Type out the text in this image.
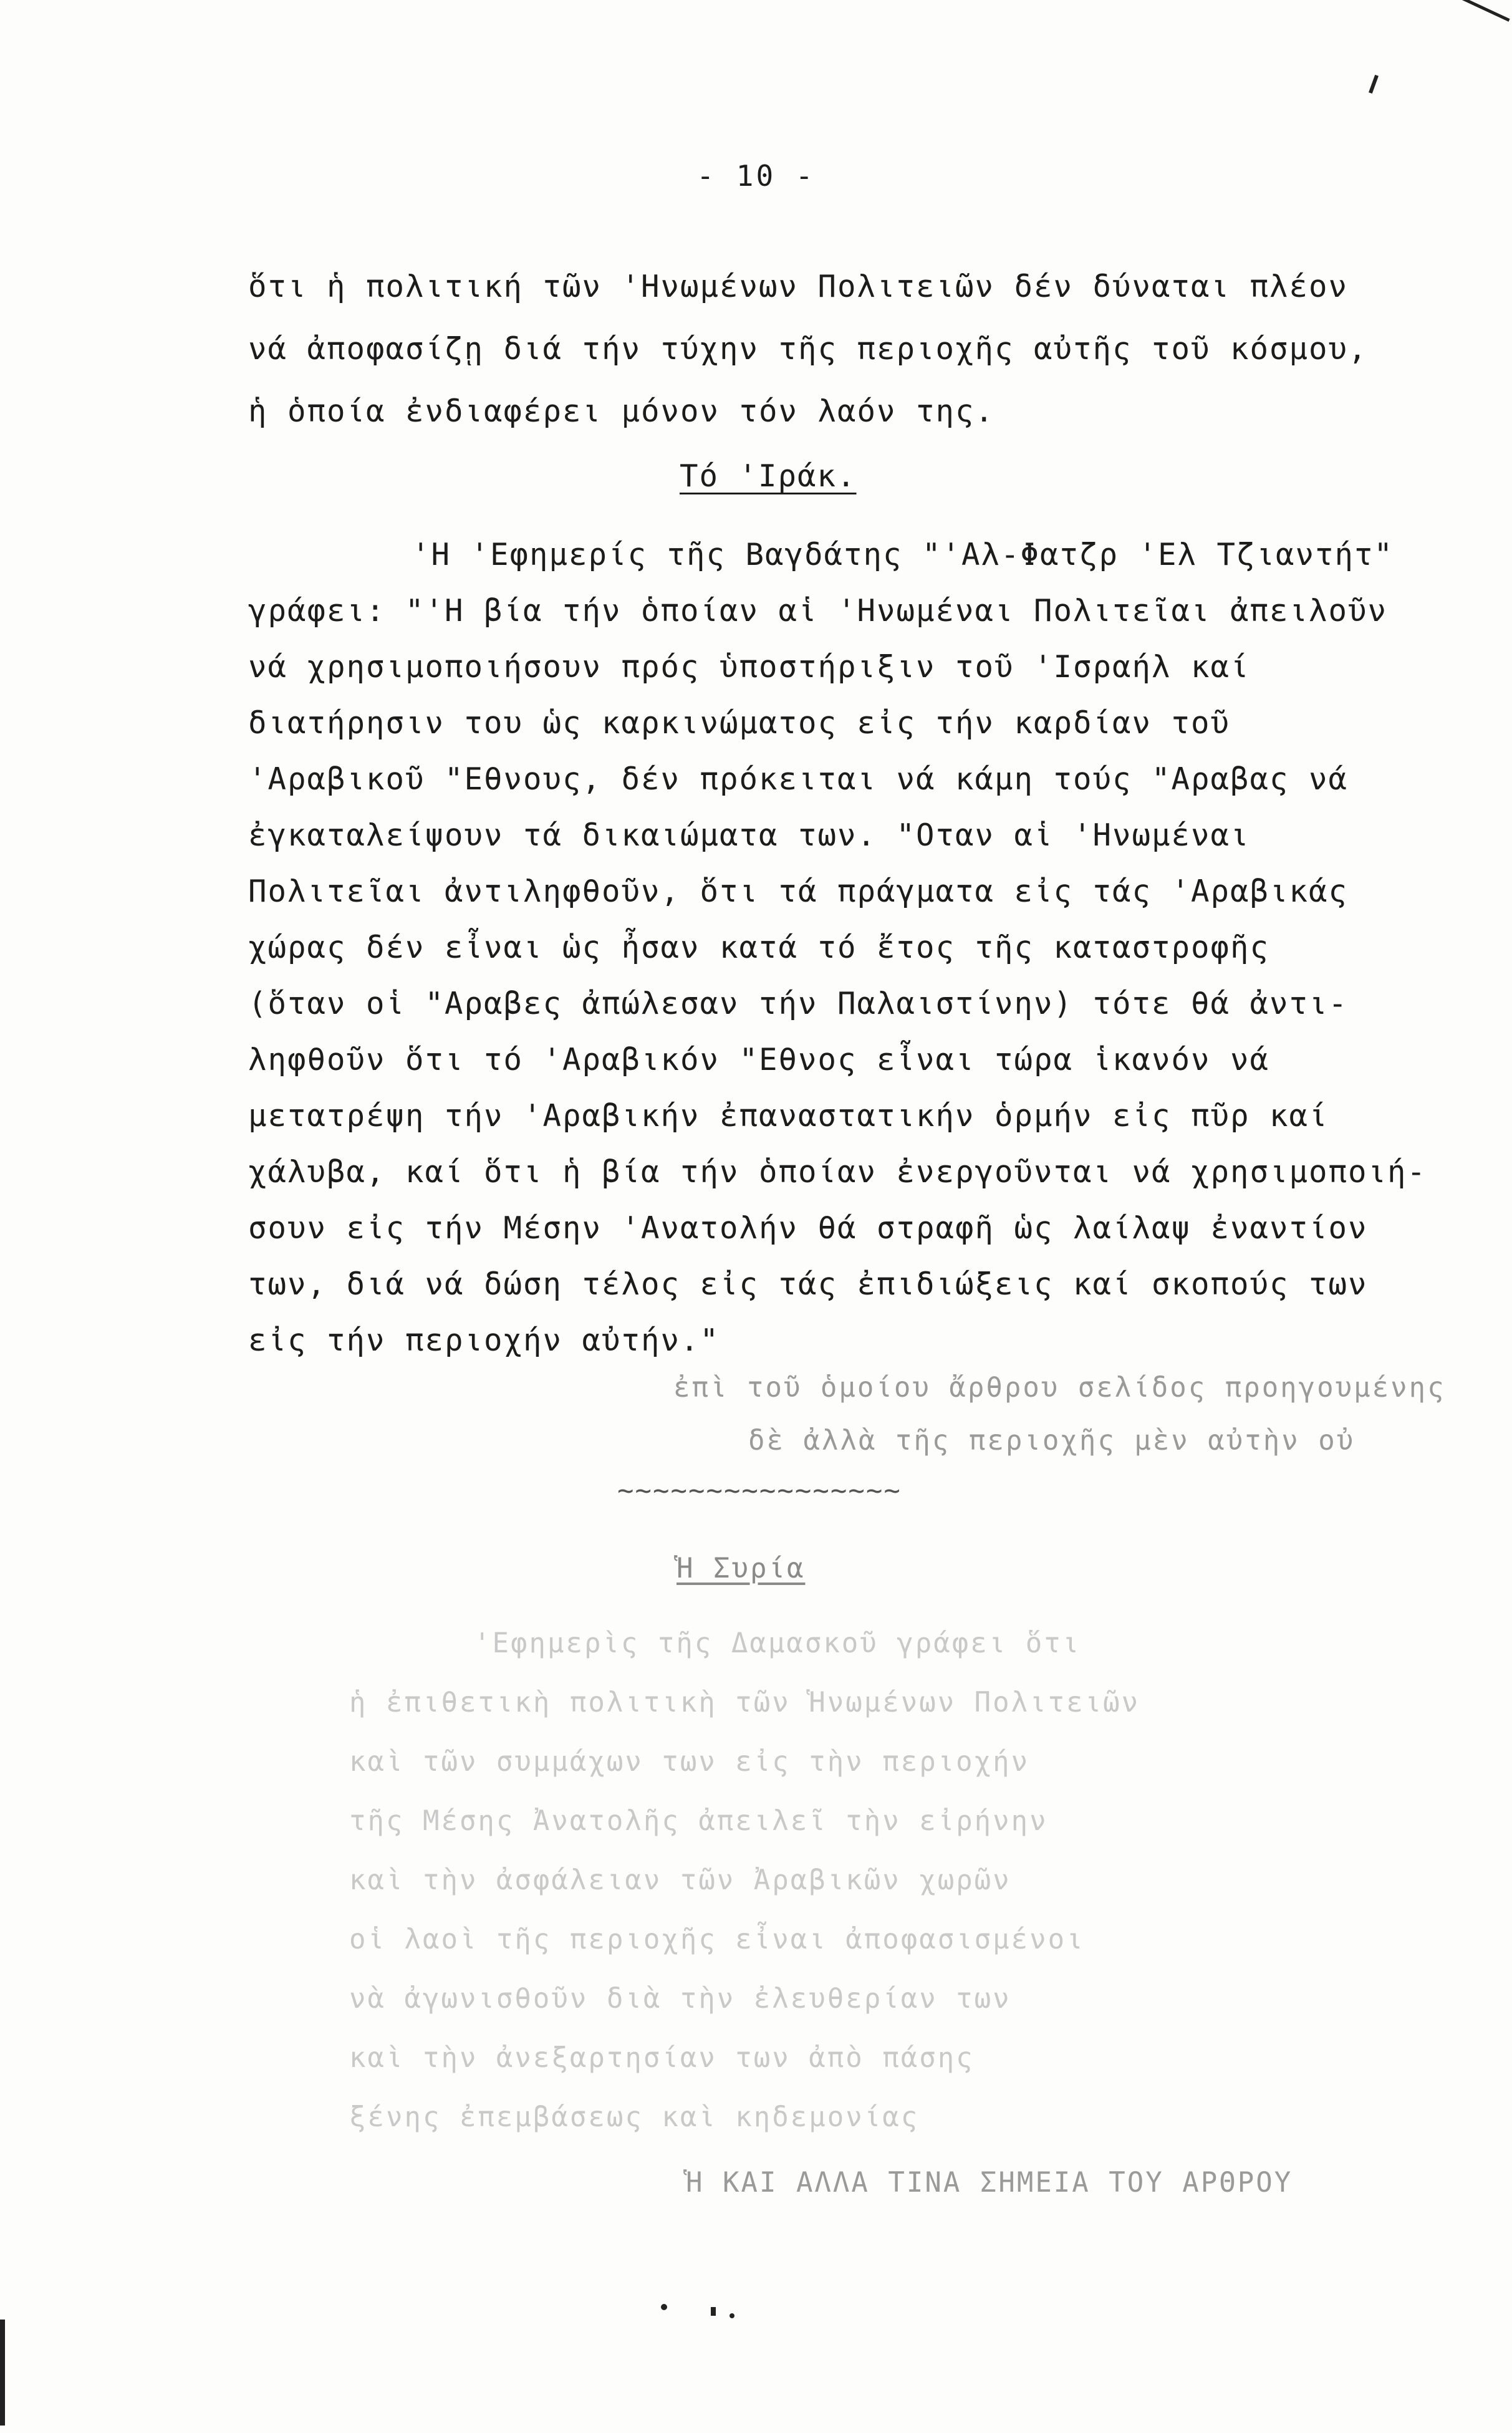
- 10 -
ὅτι ἡ πολιτική τῶν 'Ηνωμένων Πολιτειῶν δέν δύναται πλέον
νά ἀποφασίζῃ διά τήν τύχην τῆς περιοχῆς αὐτῆς τοῦ κόσμου,
ἡ ὁποία ἐνδιαφέρει μόνον τόν λαόν της.
Τό 'Ιράκ.
'Η 'Εφημερίς τῆς Βαγδάτης "'Αλ-Φατζρ 'Ελ Τζιαντήτ"
γράφει: "'Η βία τήν ὁποίαν αἱ 'Ηνωμέναι Πολιτεῖαι ἀπειλοῦν
νά χρησιμοποιήσουν πρός ὑποστήριξιν τοῦ 'Ισραήλ καί
διατήρησιν του ὡς καρκινώματος εἰς τήν καρδίαν τοῦ
'Αραβικοῦ "Εθνους, δέν πρόκειται νά κάμη τούς "Αραβας νά
ἐγκαταλείψουν τά δικαιώματα των. "Οταν αἱ 'Ηνωμέναι
Πολιτεῖαι ἀντιληφθοῦν, ὅτι τά πράγματα εἰς τάς 'Αραβικάς
χώρας δέν εἶναι ὡς ἦσαν κατά τό ἔτος τῆς καταστροφῆς
(ὅταν οἱ "Αραβες ἀπώλεσαν τήν Παλαιστίνην) τότε θά ἀντι-
ληφθοῦν ὅτι τό 'Αραβικόν "Εθνος εἶναι τώρα ἱκανόν νά
μετατρέψη τήν 'Αραβικήν ἐπαναστατικήν ὁρμήν εἰς πῦρ καί
χάλυβα, καί ὅτι ἡ βία τήν ὁποίαν ἐνεργοῦνται νά χρησιμοποιή-
σουν εἰς τήν Μέσην 'Ανατολήν θά στραφῆ ὡς λαίλαψ ἐναντίον
των, διά νά δώση τέλος εἰς τάς ἐπιδιώξεις καί σκοπούς των
εἰς τήν περιοχήν αὐτήν."
ἐπὶ τοῦ ὁμοίου ἄρθρου σελίδος προηγουμένης
δὲ ἀλλὰ τῆς περιοχῆς μὲν αὐτὴν οὐ
~~~~~~~~~~~~~~~~
Ἡ Συρία
'Εφημερὶς τῆς Δαμασκοῦ γράφει ὅτι
ἡ ἐπιθετικὴ πολιτικὴ τῶν Ἡνωμένων Πολιτειῶν
καὶ τῶν συμμάχων των εἰς τὴν περιοχήν
τῆς Μέσης Ἀνατολῆς ἀπειλεῖ τὴν εἰρήνην
καὶ τὴν ἀσφάλειαν τῶν Ἀραβικῶν χωρῶν
οἱ λαοὶ τῆς περιοχῆς εἶναι ἀποφασισμένοι
νὰ ἀγωνισθοῦν διὰ τὴν ἐλευθερίαν των
καὶ τὴν ἀνεξαρτησίαν των ἀπὸ πάσης
ξένης ἐπεμβάσεως καὶ κηδεμονίας
Ἡ ΚΑΙ ΑΛΛΑ ΤΙΝΑ ΣΗΜΕΙΑ ΤΟΥ ΑΡΘΡΟΥ
